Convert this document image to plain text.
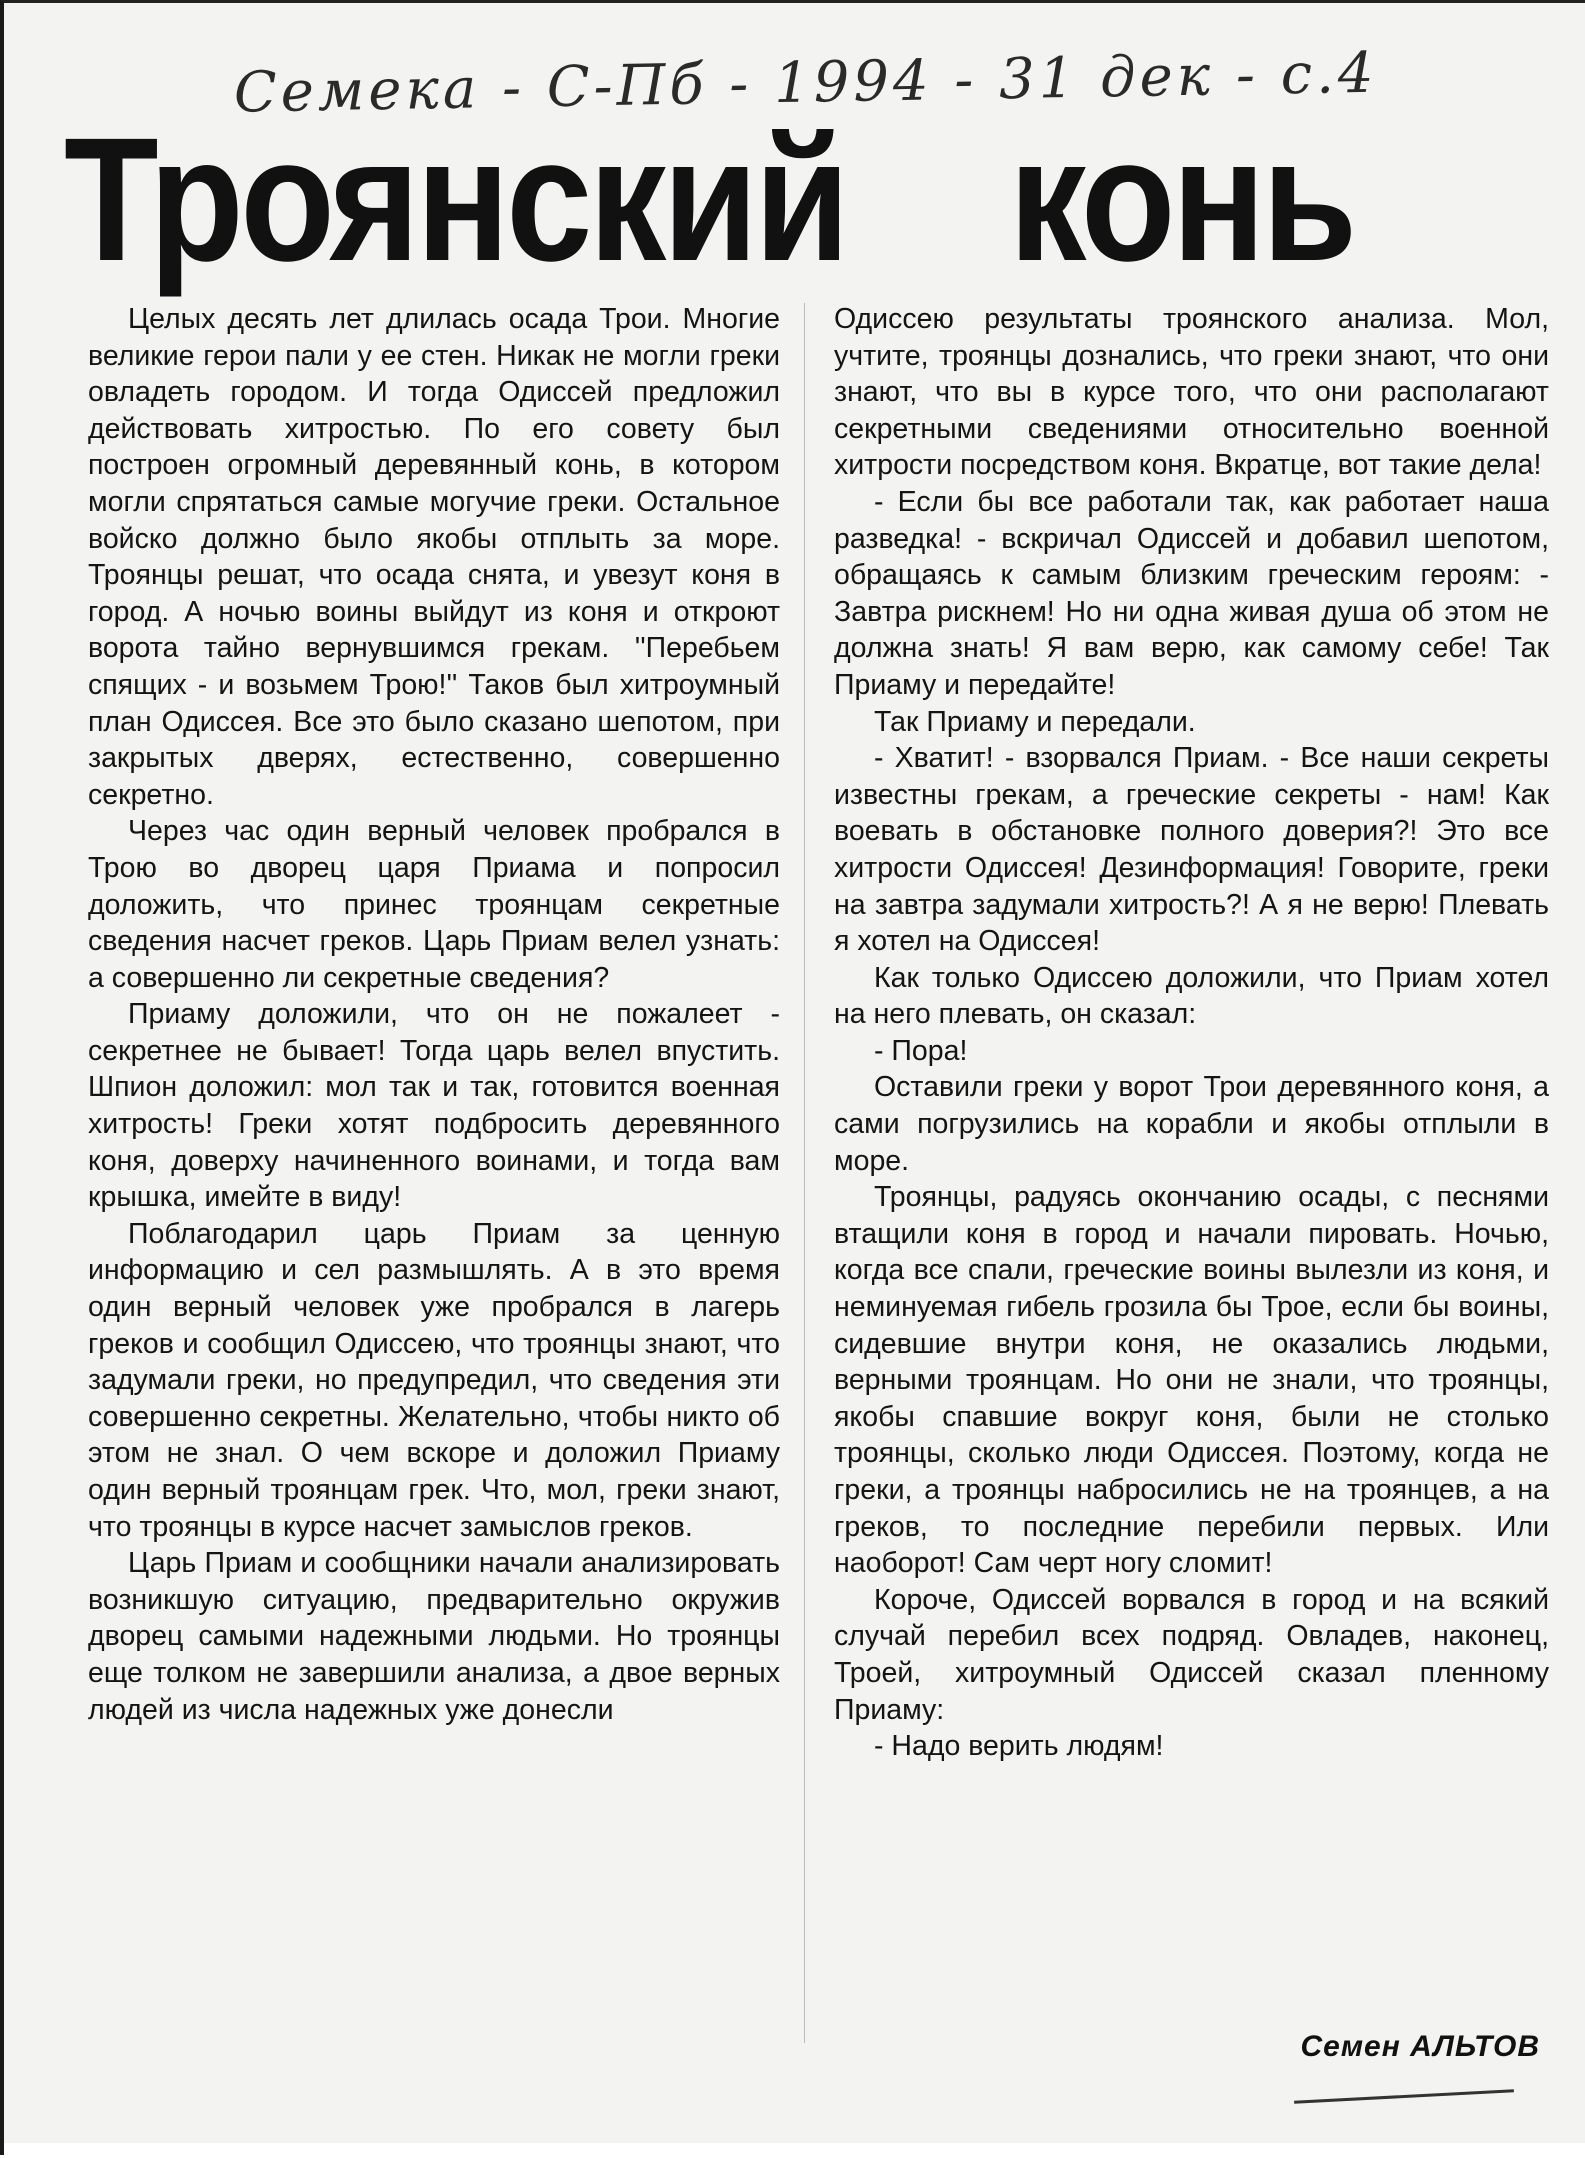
Семека - С-Пб - 1994 - 31 дек - с.4
Троянский конь

Целых десять лет длилась осада Трои. Многие великие герои пали у ее стен. Никак не могли греки овладеть городом. И тогда Одиссей предложил действовать хитростью. По его совету был построен огромный деревянный конь, в котором могли спрятаться самые могучие греки. Остальное войско должно было якобы отплыть за море. Троянцы решат, что осада снята, и увезут коня в город. А ночью воины выйдут из коня и откроют ворота тайно вернувшимся грекам. ''Перебьем спящих - и возьмем Трою!'' Таков был хитроумный план Одиссея. Все это было сказано шепотом, при закрытых дверях, естественно, совершенно секретно.

Через час один верный человек пробрался в Трою во дворец царя Приама и попросил доложить, что принес троянцам секретные сведения насчет греков. Царь Приам велел узнать: а совершенно ли секретные сведения?

Приаму доложили, что он не пожалеет - секретнее не бывает! Тогда царь велел впустить. Шпион доложил: мол так и так, готовится военная хитрость! Греки хотят подбросить деревянного коня, доверху начиненного воинами, и тогда вам крышка, имейте в виду!

Поблагодарил царь Приам за ценную информацию и сел размышлять. А в это время один верный человек уже пробрался в лагерь греков и сообщил Одиссею, что троянцы знают, что задумали греки, но предупредил, что сведения эти совершенно секретны. Желательно, чтобы никто об этом не знал. О чем вскоре и доложил Приаму один верный троянцам грек. Что, мол, греки знают, что троянцы в курсе насчет замыслов греков.

Царь Приам и сообщники начали анализировать возникшую ситуацию, предварительно окружив дворец самыми надежными людьми. Но троянцы еще толком не завершили анализа, а двое верных людей из числа надежных уже донесли

Одиссею результаты троянского анализа. Мол, учтите, троянцы дознались, что греки знают, что они знают, что вы в курсе того, что они располагают секретными сведениями относительно военной хитрости посредством коня. Вкратце, вот такие дела!

- Если бы все работали так, как работает наша разведка! - вскричал Одиссей и добавил шепотом, обращаясь к самым близким греческим героям: - Завтра рискнем! Но ни одна живая душа об этом не должна знать! Я вам верю, как самому себе! Так Приаму и передайте!

Так Приаму и передали.

- Хватит! - взорвался Приам. - Все наши секреты известны грекам, а греческие секреты - нам! Как воевать в обстановке полного доверия?! Это все хитрости Одиссея! Дезинформация! Говорите, греки на завтра задумали хитрость?! А я не верю! Плевать я хотел на Одиссея!

Как только Одиссею доложили, что Приам хотел на него плевать, он сказал:

- Пора!

Оставили греки у ворот Трои деревянного коня, а сами погрузились на корабли и якобы отплыли в море.

Троянцы, радуясь окончанию осады, с песнями втащили коня в город и начали пировать. Ночью, когда все спали, греческие воины вылезли из коня, и неминуемая гибель грозила бы Трое, если бы воины, сидевшие внутри коня, не оказались людьми, верными троянцам. Но они не знали, что троянцы, якобы спавшие вокруг коня, были не столько троянцы, сколько люди Одиссея. Поэтому, когда не греки, а троянцы набросились не на троянцев, а на греков, то последние перебили первых. Или наоборот! Сам черт ногу сломит!

Короче, Одиссей ворвался в город и на всякий случай перебил всех подряд. Овладев, наконец, Троей, хитроумный Одиссей сказал пленному Приаму:

- Надо верить людям!

Семен АЛЬТОВ
